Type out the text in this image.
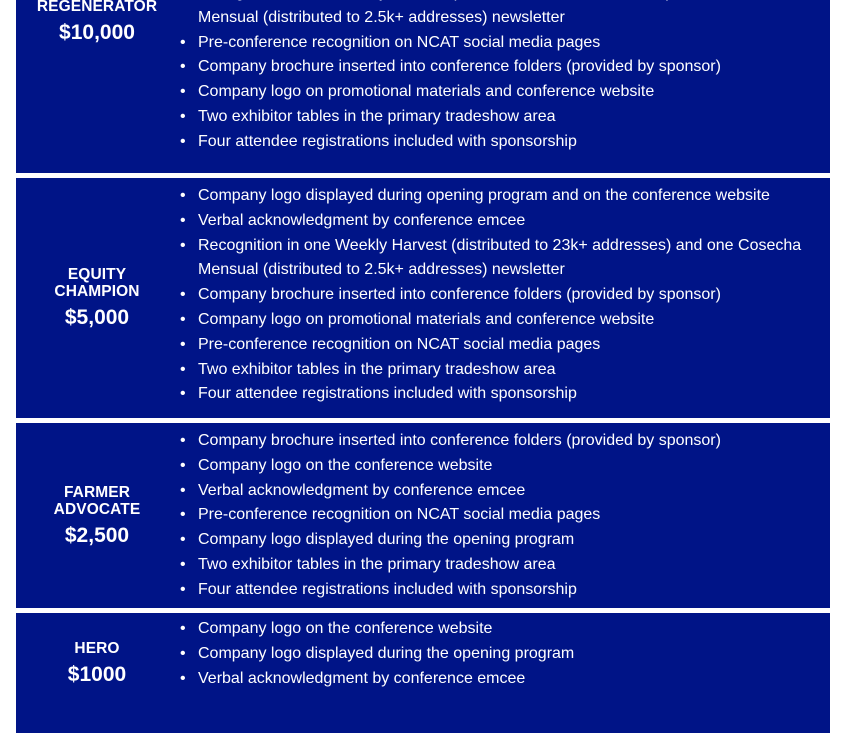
REGENERATOR
$10,000
Mensual (distributed to 2.5k+ addresses) newsletter
• Pre-conference recognition on NCAT social media pages
• Company brochure inserted into conference folders (provided by sponsor)
• Company logo on promotional materials and conference website
• Two exhibitor tables in the primary tradeshow area
• Four attendee registrations included with sponsorship
EQUITY
CHAMPION
$5,000
• Company logo displayed during opening program and on the conference website
• Verbal acknowledgment by conference emcee
• Recognition in one Weekly Harvest (distributed to 23k+ addresses) and one Cosecha
Mensual (distributed to 2.5k+ addresses) newsletter
• Company brochure inserted into conference folders (provided by sponsor)
• Company logo on promotional materials and conference website
• Pre-conference recognition on NCAT social media pages
• Two exhibitor tables in the primary tradeshow area
• Four attendee registrations included with sponsorship
FARMER
ADVOCATE
$2,500
• Company brochure inserted into conference folders (provided by sponsor)
• Company logo on the conference website
• Verbal acknowledgment by conference emcee
• Pre-conference recognition on NCAT social media pages
• Company logo displayed during the opening program
• Two exhibitor tables in the primary tradeshow area
• Four attendee registrations included with sponsorship
HERO
$1000
• Company logo on the conference website
• Company logo displayed during the opening program
• Verbal acknowledgment by conference emcee
